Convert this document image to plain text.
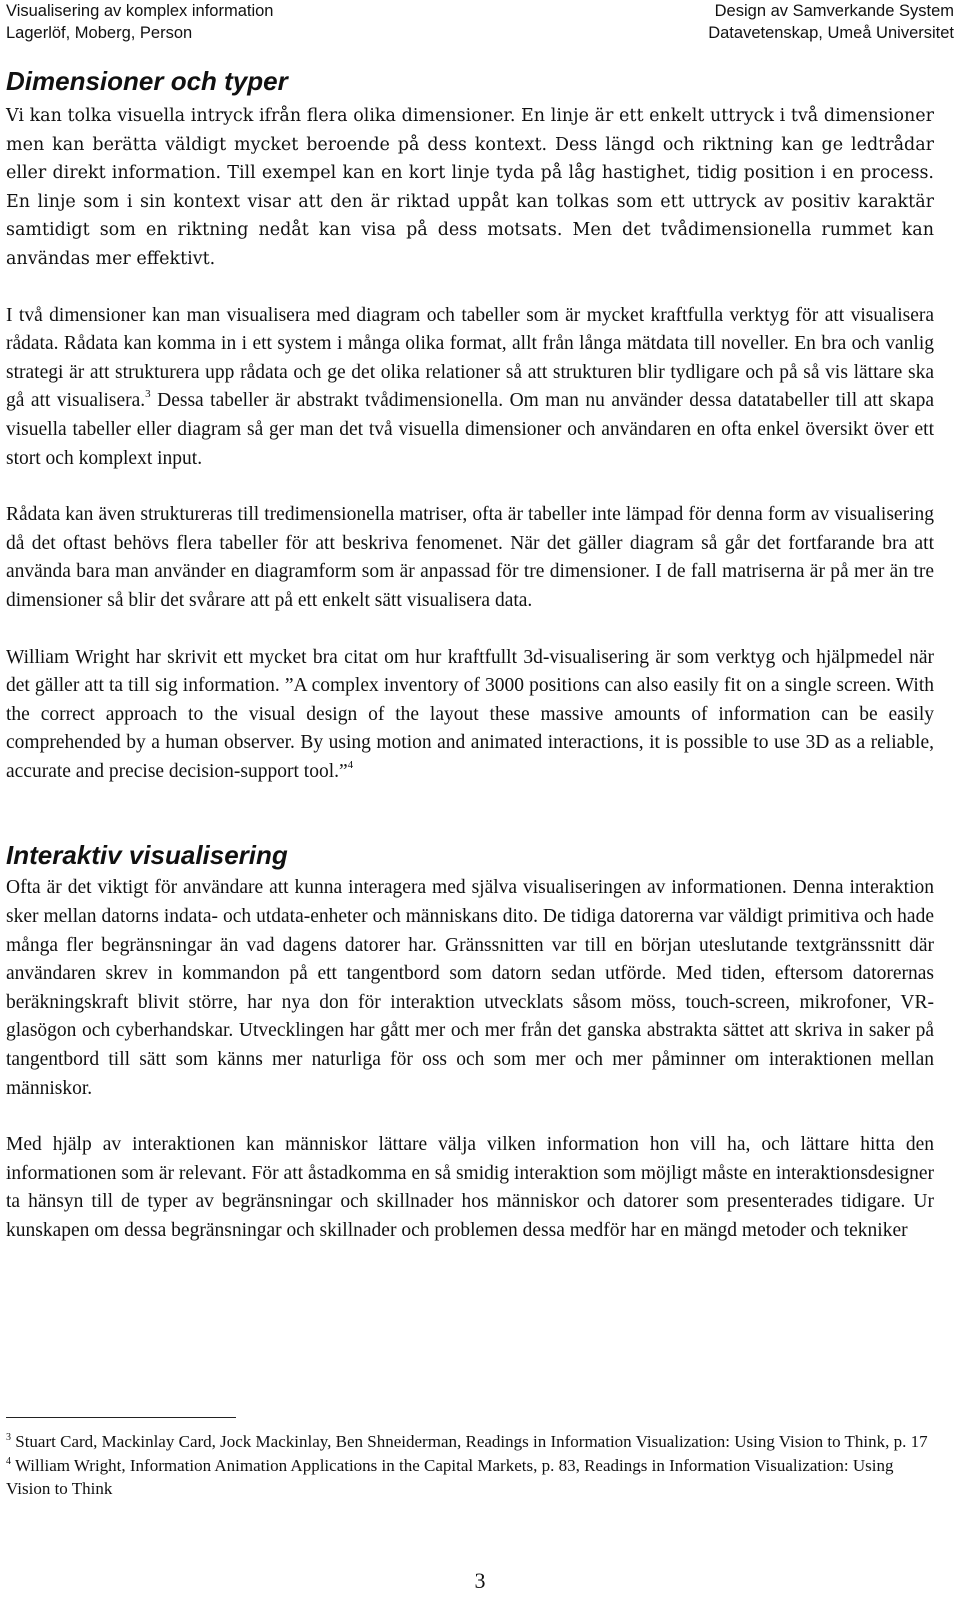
Visualisering av komplex information
Lagerlöf, Moberg, Person
Design av Samverkande System
Datavetenskap, Umeå Universitet
Dimensioner och typer

Vi kan tolka visuella intryck ifrån flera olika dimensioner. En linje är ett enkelt uttryck i två dimensioner men kan berätta väldigt mycket beroende på dess kontext. Dess längd och riktning kan ge ledtrådar eller direkt information. Till exempel kan en kort linje tyda på låg hastighet, tidig position i en process. En linje som i sin kontext visar att den är riktad uppåt kan tolkas som ett uttryck av positiv karaktär samtidigt som en riktning nedåt kan visa på dess motsats. Men det tvådimensionella rummet kan användas mer effektivt.

I två dimensioner kan man visualisera med diagram och tabeller som är mycket kraftfulla verktyg för att visualisera rådata. Rådata kan komma in i ett system i många olika format, allt från långa mätdata till noveller. En bra och vanlig strategi är att strukturera upp rådata och ge det olika relationer så att strukturen blir tydligare och på så vis lättare ska gå att visualisera.$^3$ Dessa tabeller är abstrakt tvådimensionella. Om man nu använder dessa datatabeller till att skapa visuella tabeller eller diagram så ger man det två visuella dimensioner och användaren en ofta enkel översikt över ett stort och komplext input.

Rådata kan även struktureras till tredimensionella matriser, ofta är tabeller inte lämpad för denna form av visualisering då det oftast behövs flera tabeller för att beskriva fenomenet. När det gäller diagram så går det fortfarande bra att använda bara man använder en diagramform som är anpassad för tre dimensioner. I de fall matriserna är på mer än tre dimensioner så blir det svårare att på ett enkelt sätt visualisera data.

William Wright har skrivit ett mycket bra citat om hur kraftfullt 3d-visualisering är som verktyg och hjälpmedel när det gäller att ta till sig information. ”A complex inventory of 3000 positions can also easily fit on a single screen. With the correct approach to the visual design of the layout these massive amounts of information can be easily comprehended by a human observer. By using motion and animated interactions, it is possible to use 3D as a reliable, accurate and precise decision-support tool.”$^4$

Interaktiv visualisering

Ofta är det viktigt för användare att kunna interagera med själva visualiseringen av informationen. Denna interaktion sker mellan datorns indata- och utdata-enheter och människans dito. De tidiga datorerna var väldigt primitiva och hade många fler begränsningar än vad dagens datorer har. Gränssnitten var till en början uteslutande textgränssnitt där användaren skrev in kommandon på ett tangentbord som datorn sedan utförde. Med tiden, eftersom datorernas beräkningskraft blivit större, har nya don för interaktion utvecklats såsom möss, touch-screen, mikrofoner, VR-glasögon och cyberhandskar. Utvecklingen har gått mer och mer från det ganska abstrakta sättet att skriva in saker på tangentbord till sätt som känns mer naturliga för oss och som mer och mer påminner om interaktionen mellan människor.

Med hjälp av interaktionen kan människor lättare välja vilken information hon vill ha, och lättare hitta den informationen som är relevant. För att åstadkomma en så smidig interaktion som möjligt måste en interaktionsdesigner ta hänsyn till de typer av begränsningar och skillnader hos människor och datorer som presenterades tidigare. Ur kunskapen om dessa begränsningar och skillnader och problemen dessa medför har en mängd metoder och tekniker

$^3$ Stuart Card, Mackinlay Card, Jock Mackinlay, Ben Shneiderman, Readings in Information Visualization: Using Vision to Think, p. 17

$^4$ William Wright, Information Animation Applications in the Capital Markets, p. 83, Readings in Information Visualization: Using Vision to Think

3
